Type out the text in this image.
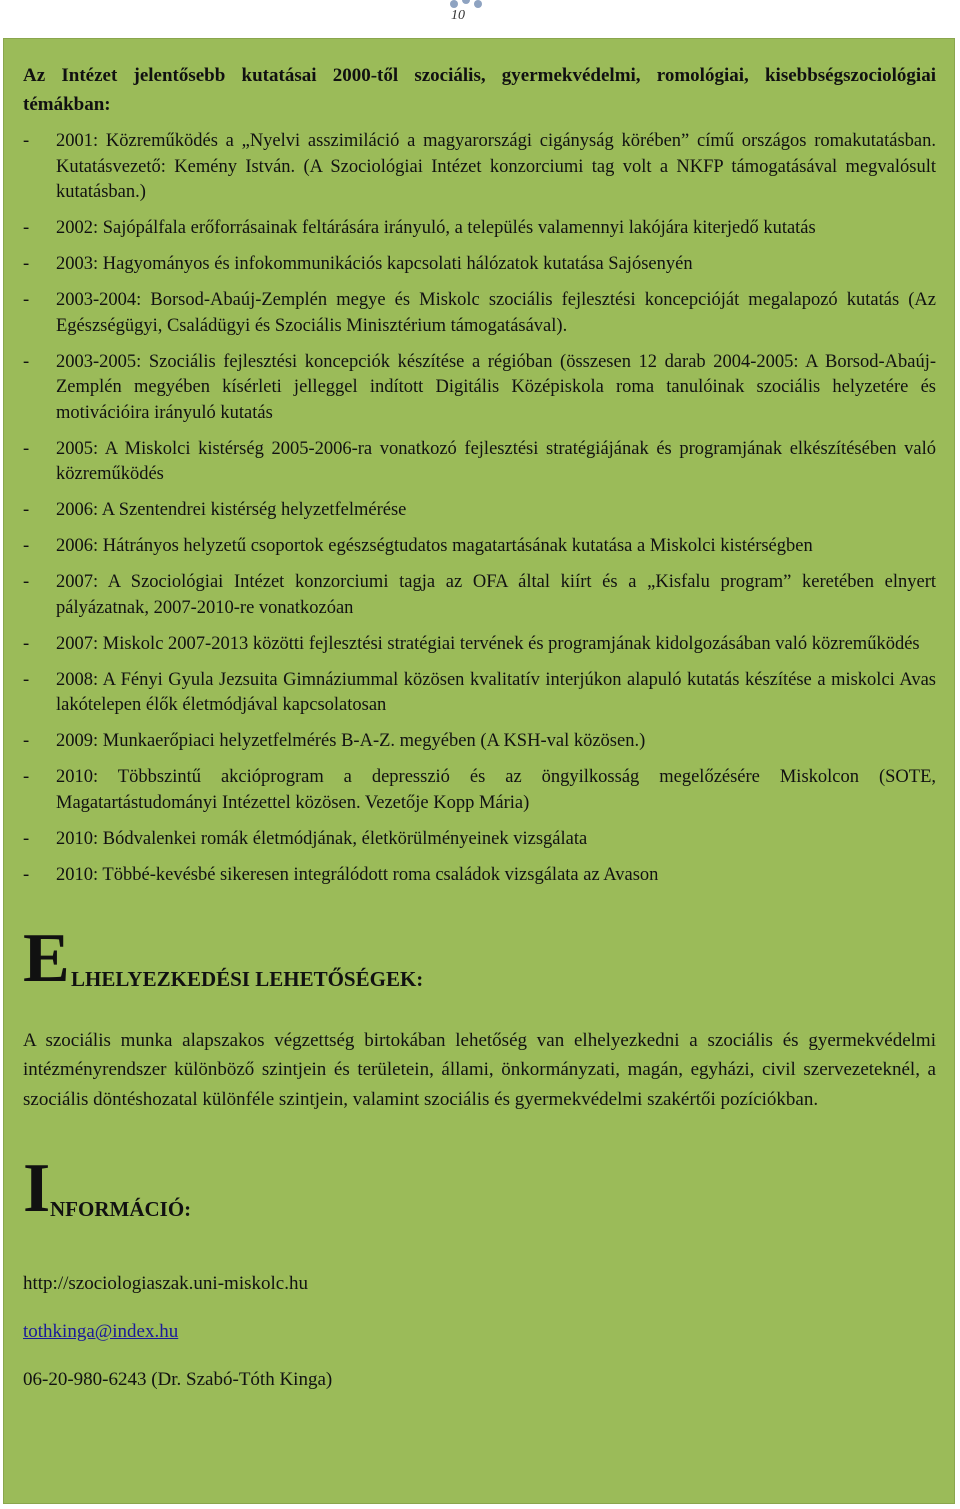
10

Az Intézet jelentősebb kutatásai 2000-től szociális, gyermekvédelmi, romológiai, kisebbségszociológiai témákban:

- 2001: Közreműködés a „Nyelvi asszimiláció a magyarországi cigányság körében” című országos romakutatásban. Kutatásvezető: Kemény István. (A Szociológiai Intézet konzorciumi tag volt a NKFP támogatásával megvalósult kutatásban.)
- 2002: Sajópálfala erőforrásainak feltárására irányuló, a település valamennyi lakójára kiterjedő kutatás
- 2003: Hagyományos és infokommunikációs kapcsolati hálózatok kutatása Sajósenyén
- 2003-2004: Borsod-Abaúj-Zemplén megye és Miskolc szociális fejlesztési koncepcióját megalapozó kutatás (Az Egészségügyi, Családügyi és Szociális Minisztérium támogatásával).
- 2003-2005: Szociális fejlesztési koncepciók készítése a régióban (összesen 12 darab 2004-2005: A Borsod-Abaúj-Zemplén megyében kísérleti jelleggel indított Digitális Középiskola roma tanulóinak szociális helyzetére és motivációira irányuló kutatás
- 2005: A Miskolci kistérség 2005-2006-ra vonatkozó fejlesztési stratégiájának és programjának elkészítésében való közreműködés
- 2006: A Szentendrei kistérség helyzetfelmérése
- 2006: Hátrányos helyzetű csoportok egészségtudatos magatartásának kutatása a Miskolci kistérségben
- 2007: A Szociológiai Intézet konzorciumi tagja az OFA által kiírt és a „Kisfalu program” keretében elnyert pályázatnak, 2007-2010-re vonatkozóan
- 2007: Miskolc 2007-2013 közötti fejlesztési stratégiai tervének és programjának kidolgozásában való közreműködés
- 2008: A Fényi Gyula Jezsuita Gimnáziummal közösen kvalitatív interjúkon alapuló kutatás készítése a miskolci Avas lakótelepen élők életmódjával kapcsolatosan
- 2009: Munkaerőpiaci helyzetfelmérés B-A-Z. megyében (A KSH-val közösen.)
- 2010: Többszintű akcióprogram a depresszió és az öngyilkosság megelőzésére Miskolcon (SOTE, Magatartástudományi Intézettel közösen. Vezetője Kopp Mária)
- 2010: Bódvalenkei romák életmódjának, életkörülményeinek vizsgálata
- 2010: Többé-kevésbé sikeresen integrálódott roma családok vizsgálata az Avason
E LHELYEZKEDÉSI LEHETŐSÉGEK:
A szociális munka alapszakos végzettség birtokában lehetőség van elhelyezkedni a szociális és gyermekvédelmi intézményrendszer különböző szintjein és területein, állami, önkormányzati, magán, egyházi, civil szervezeteknél, a szociális döntéshozatal különféle szintjein, valamint szociális és gyermekvédelmi szakértői pozíciókban.
I NFORMÁCIÓ:
http://szociologiaszak.uni-miskolc.hu
tothkinga@index.hu
06-20-980-6243 (Dr. Szabó-Tóth Kinga)
